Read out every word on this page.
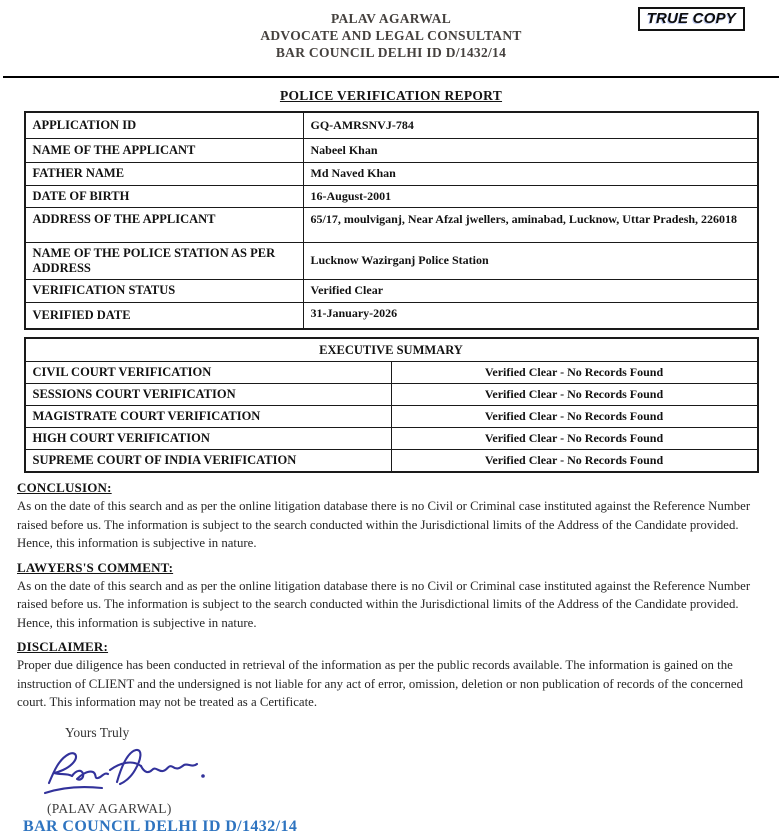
PALAV AGARWAL
ADVOCATE AND LEGAL CONSULTANT
BAR COUNCIL DELHI ID D/1432/14
TRUE COPY
POLICE VERIFICATION REPORT
APPLICATION ID	GQ-AMRSNVJ-784
NAME OF THE APPLICANT	Nabeel Khan
FATHER NAME	Md Naved Khan
DATE OF BIRTH	16-August-2001
ADDRESS OF THE APPLICANT	65/17, moulviganj, Near Afzal jwellers, aminabad, Lucknow, Uttar Pradesh, 226018
NAME OF THE POLICE STATION AS PER ADDRESS	Lucknow Wazirganj Police Station
VERIFICATION STATUS	Verified Clear
VERIFIED DATE	31-January-2026
EXECUTIVE SUMMARY	
CIVIL COURT VERIFICATION	Verified Clear - No Records Found
SESSIONS COURT VERIFICATION	Verified Clear - No Records Found
MAGISTRATE COURT VERIFICATION	Verified Clear - No Records Found
HIGH COURT VERIFICATION	Verified Clear - No Records Found
SUPREME COURT OF INDIA VERIFICATION	Verified Clear - No Records Found
CONCLUSION:

As on the date of this search and as per the online litigation database there is no Civil or Criminal case instituted against the Reference Number raised before us. The information is subject to the search conducted within the Jurisdictional limits of the Address of the Candidate provided. Hence, this information is subjective in nature.

LAWYERS'S COMMENT:

As on the date of this search and as per the online litigation database there is no Civil or Criminal case instituted against the Reference Number raised before us. The information is subject to the search conducted within the Jurisdictional limits of the Address of the Candidate provided. Hence, this information is subjective in nature.

DISCLAIMER:

Proper due diligence has been conducted in retrieval of the information as per the public records available. The information is gained on the instruction of CLIENT and the undersigned is not liable for any act of error, omission, deletion or non publication of records of the concerned court. This information may not be treated as a Certificate.

Yours Truly
(PALAV AGARWAL)
BAR COUNCIL DELHI ID D/1432/14
